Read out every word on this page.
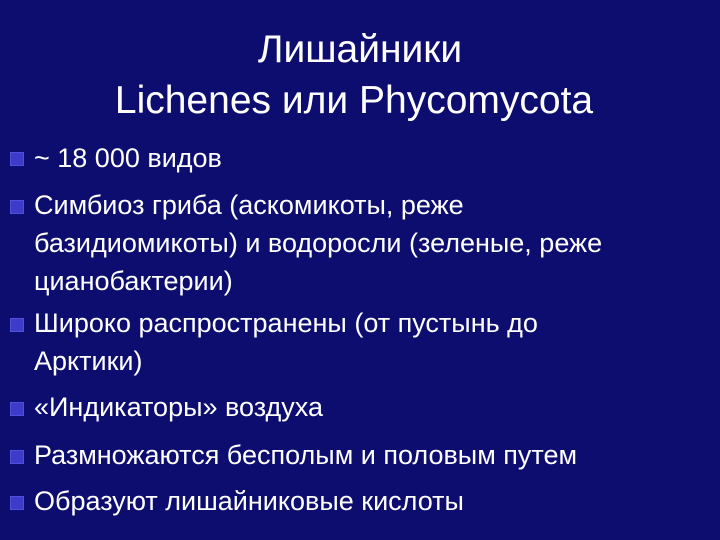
Лишайники
Lichenes или Phycomycota
~ 18 000 видов
Симбиоз гриба (аскомикоты, реже
базидиомикоты) и водоросли (зеленые, реже
цианобактерии)
Широко распространены (от пустынь до
Арктики)
«Индикаторы» воздуха
Размножаются бесполым и половым путем
Образуют лишайниковые кислоты
